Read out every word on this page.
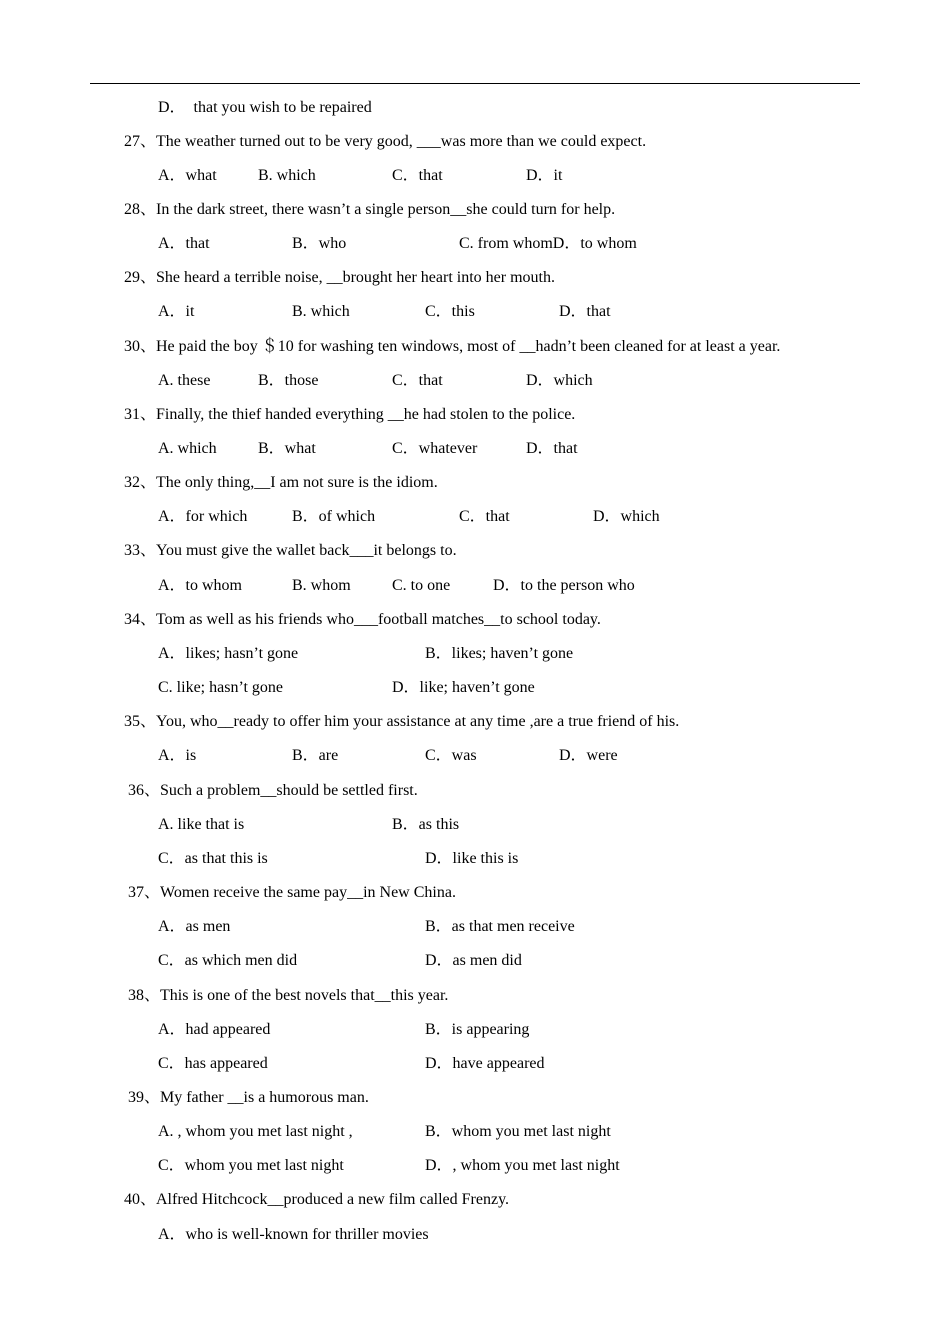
D．  that you wish to be repaired
27、The weather turned out to be very good, ___was more than we could expect.
A．what	B. which	C．that	D．it
28、In the dark street, there wasn’t a single person__she could turn for help.
A．that	B．who	C. from whomD．to whom
29、She heard a terrible noise, __brought her heart into her mouth.
A．it	B. which	C．this	D．that
30、He paid the boy ＄10 for washing ten windows, most of __hadn’t been cleaned for at least a year.
A. these	B．those	C．that	D．which
31、Finally, the thief handed everything __he had stolen to the police.
A. which	B．what	C．whatever	D．that
32、The only thing,__I am not sure is the idiom.
A．for which	B．of which	C．that	D．which
33、You must give the wallet back___it belongs to.
A．to whom	B. whom	C. to one	D．to the person who
34、Tom as well as his friends who___football matches__to school today.
A．likes; hasn’t gone	B．likes; haven’t gone
C. like; hasn’t gone	D．like; haven’t gone
35、You, who__ready to offer him your assistance at any time ,are a true friend of his.
A．is	B．are	C．was	D．were
36、Such a problem__should be settled first.
A. like that is	B．as this
C．as that this is	D．like this is
37、Women receive the same pay__in New China.
A．as men	B．as that men receive
C．as which men did	D．as men did
38、This is one of the best novels that__this year.
A．had appeared	B．is appearing
C．has appeared	D．have appeared
39、My father __is a humorous man.
A. , whom you met last night ,	B．whom you met last night
C．whom you met last night	D．, whom you met last night
40、Alfred Hitchcock__produced a new film called Frenzy.
A．who is well-known for thriller movies
